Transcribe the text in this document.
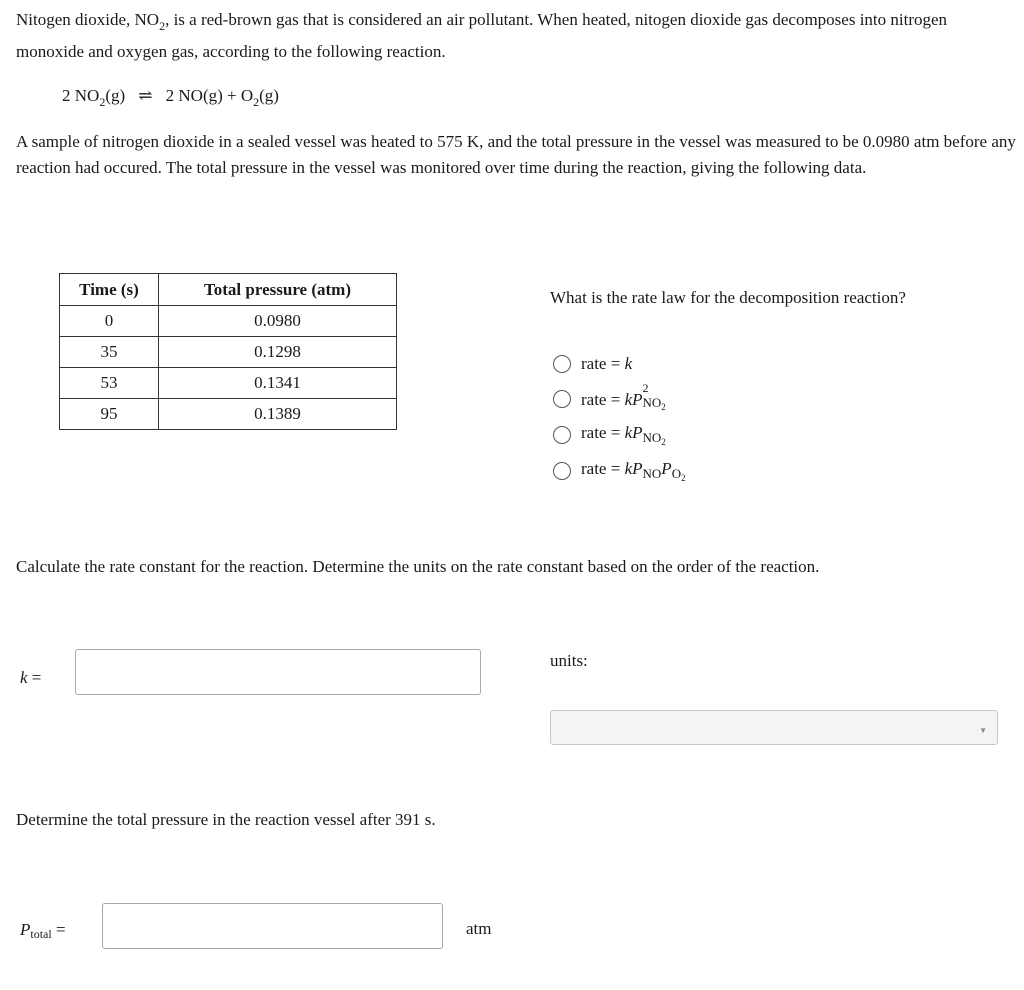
Nitogen dioxide, $NO_2$, is a red-brown gas that is considered an air pollutant. When heated, nitogen dioxide gas decomposes into nitrogen monoxide and oxygen gas, according to the following reaction.

2 $NO_2(g)$ ⇌ 2 $NO(g) + O_2(g)$

A sample of nitrogen dioxide in a sealed vessel was heated to 575 K, and the total pressure in the vessel was measured to be 0.0980 atm before any reaction had occured. The total pressure in the vessel was monitored over time during the reaction, giving the following data.

Time (s)	Total pressure (atm)
0	0.0980
35	0.1298
53	0.1341
95	0.1389

What is the rate law for the decomposition reaction?

rate = k
rate = kP
2
$NO_2$
rate = $kP_{NO_2}$
rate = $kP_{NO}P_{O_2}$

Calculate the rate constant for the reaction. Determine the units on the rate constant based on the order of the reaction.

k =
units:
▼

Determine the total pressure in the reaction vessel after 391 s.

Ptotal =	atm
